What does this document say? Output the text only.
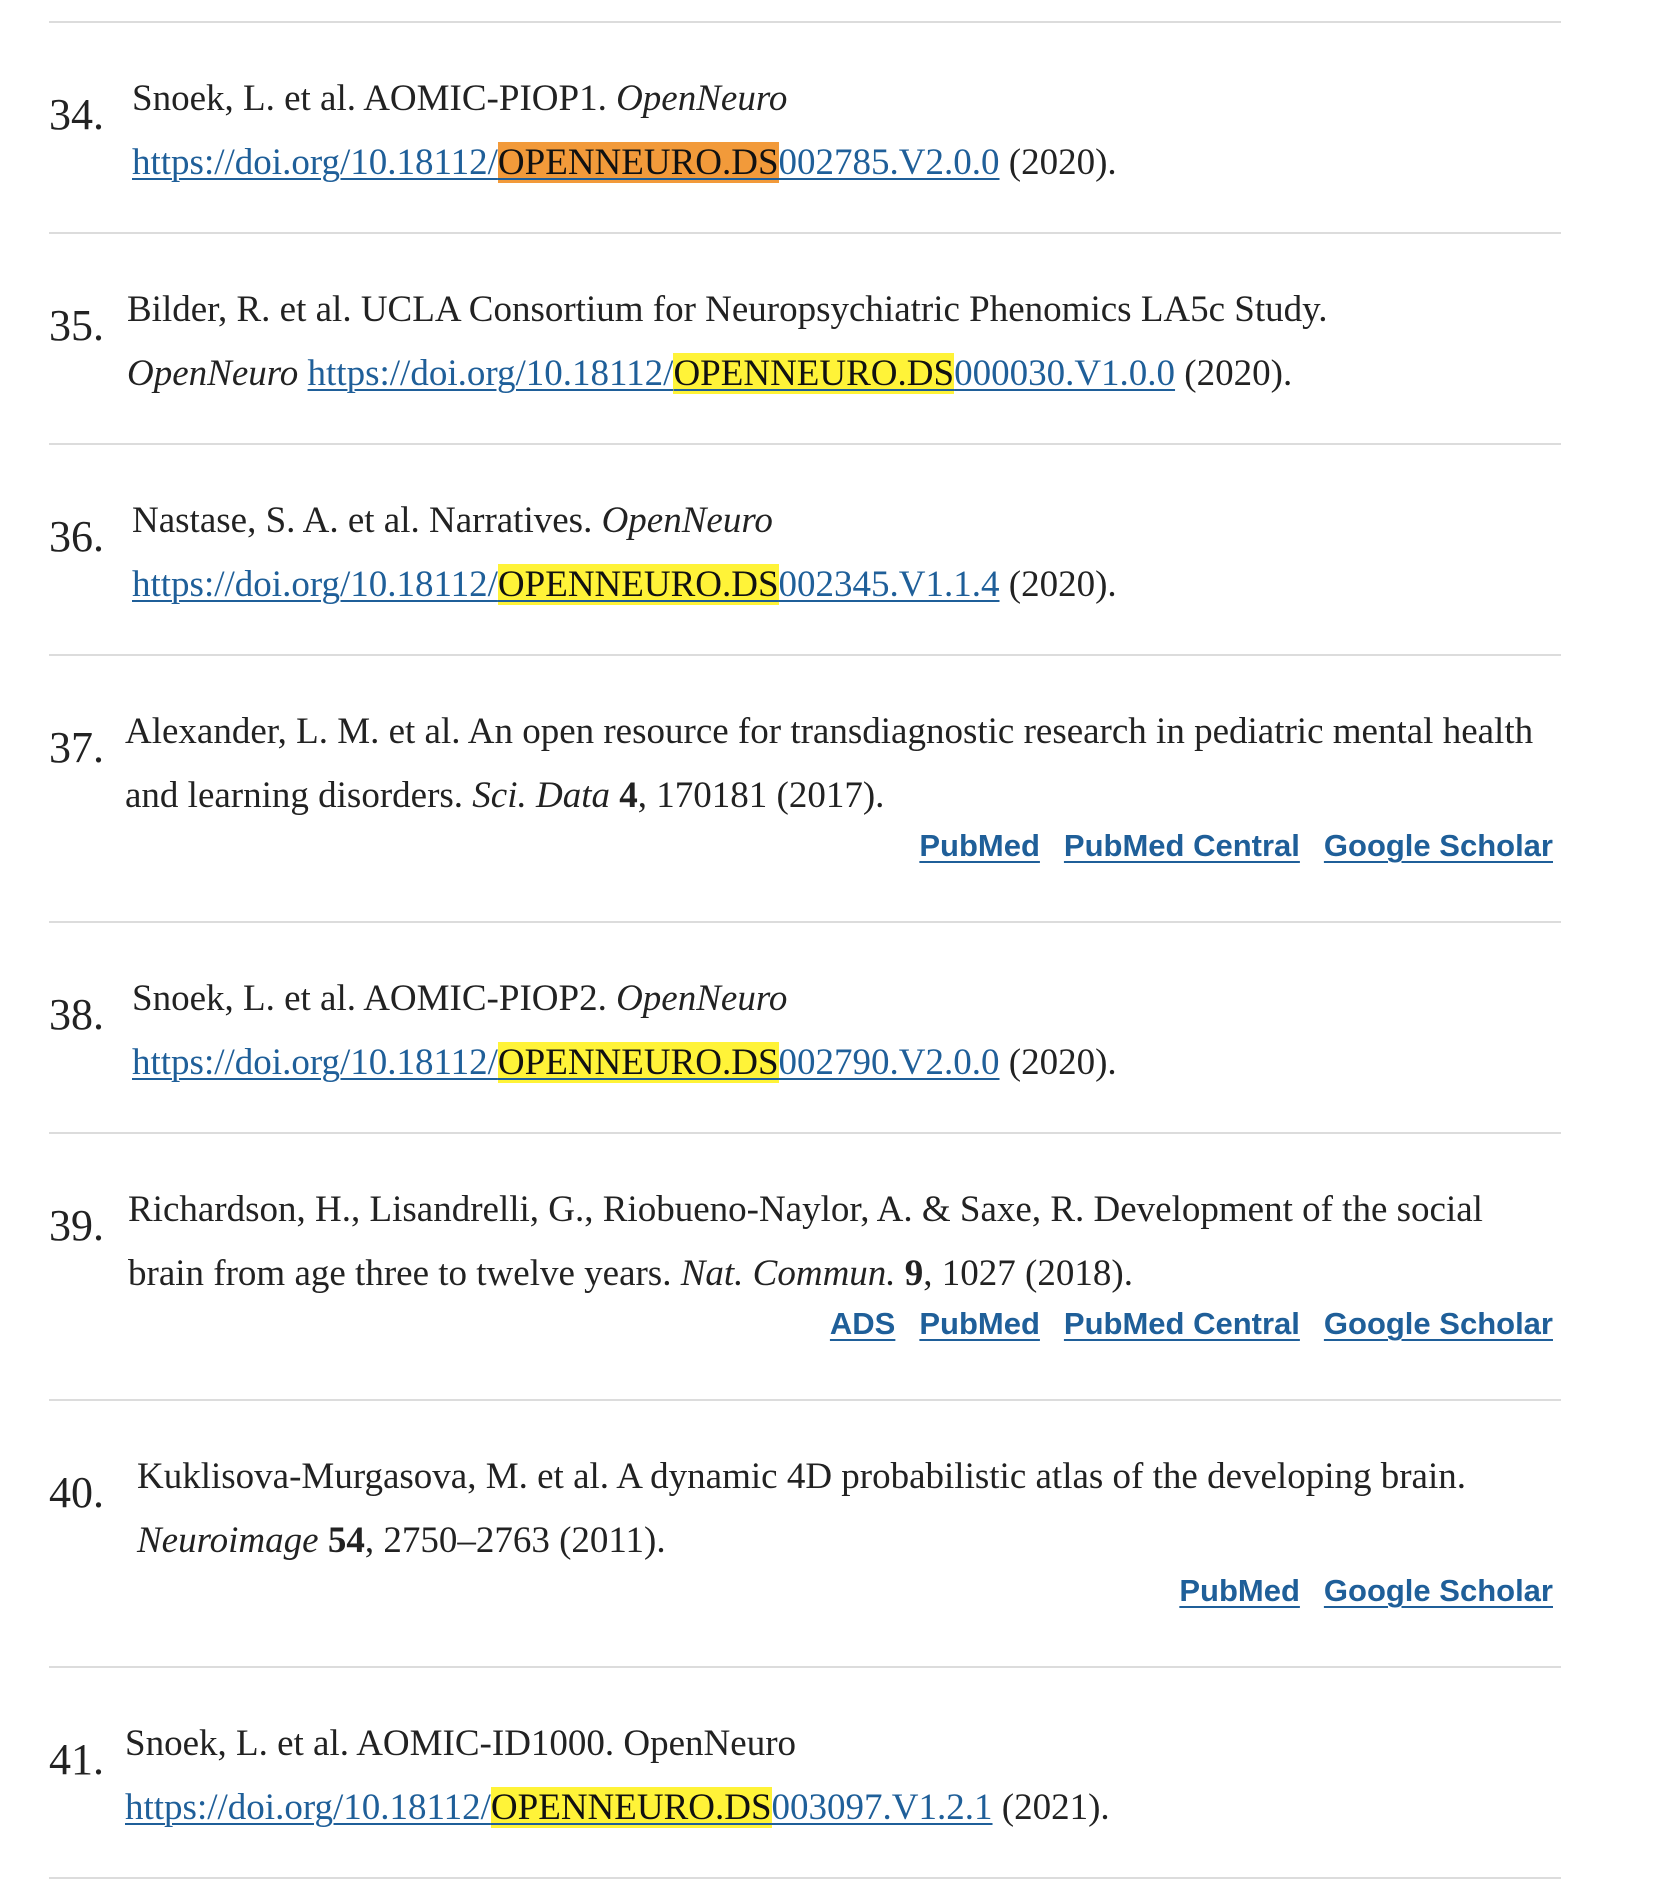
34. Snoek, L. et al. AOMIC-PIOP1. OpenNeuro
https://doi.org/10.18112/OPENNEURO.DS002785.V2.0.0 (2020).
35. Bilder, R. et al. UCLA Consortium for Neuropsychiatric Phenomics LA5c Study.
OpenNeuro https://doi.org/10.18112/OPENNEURO.DS000030.V1.0.0 (2020).
36. Nastase, S. A. et al. Narratives. OpenNeuro
https://doi.org/10.18112/OPENNEURO.DS002345.V1.1.4 (2020).
37. Alexander, L. M. et al. An open resource for transdiagnostic research in pediatric mental health and learning disorders. Sci. Data 4, 170181 (2017).
PubMed PubMed Central Google Scholar
38. Snoek, L. et al. AOMIC-PIOP2. OpenNeuro
https://doi.org/10.18112/OPENNEURO.DS002790.V2.0.0 (2020).
39. Richardson, H., Lisandrelli, G., Riobueno-Naylor, A. & Saxe, R. Development of the social brain from age three to twelve years. Nat. Commun. 9, 1027 (2018).
ADS PubMed PubMed Central Google Scholar
40. Kuklisova-Murgasova, M. et al. A dynamic 4D probabilistic atlas of the developing brain. Neuroimage 54, 2750–2763 (2011).
PubMed Google Scholar
41. Snoek, L. et al. AOMIC-ID1000. OpenNeuro
https://doi.org/10.18112/OPENNEURO.DS003097.V1.2.1 (2021).
